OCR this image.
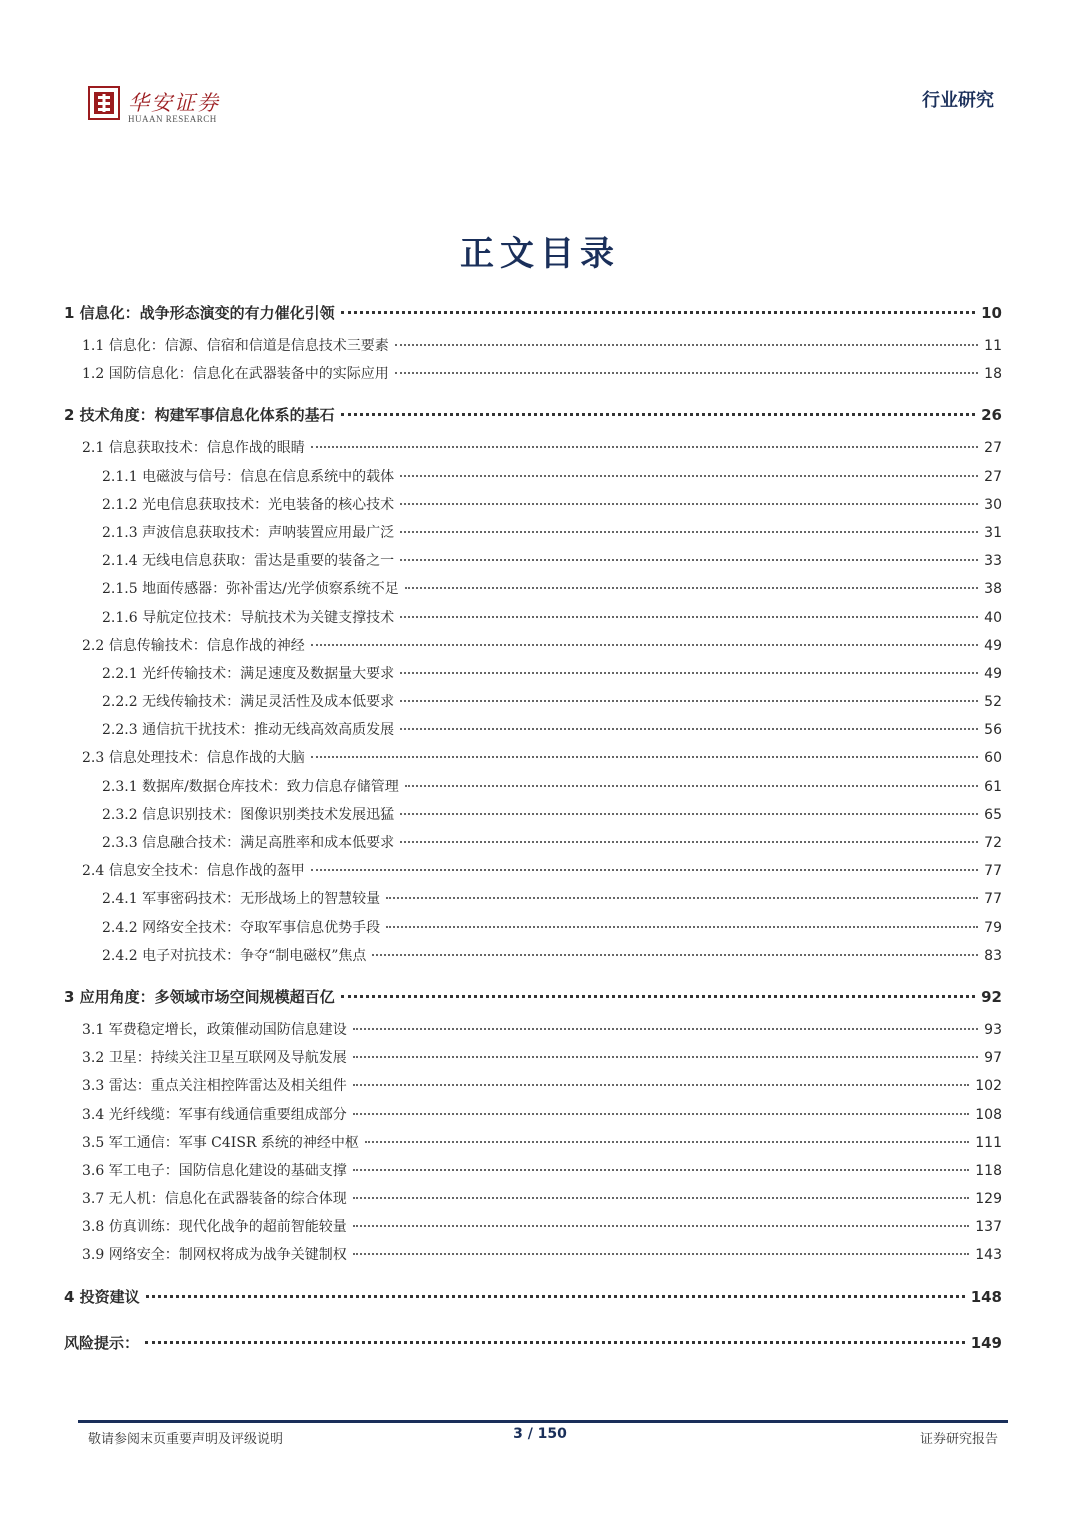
华安证券
HUAAN RESEARCH
行业研究
正文目录
1 信息化：战争形态演变的有力催化引领	10
1.1 信息化：信源、信宿和信道是信息技术三要素	11
1.2 国防信息化：信息化在武器装备中的实际应用	18
2 技术角度：构建军事信息化体系的基石	26
2.1 信息获取技术：信息作战的眼睛	27
2.1.1 电磁波与信号：信息在信息系统中的载体	27
2.1.2 光电信息获取技术：光电装备的核心技术	30
2.1.3 声波信息获取技术：声呐装置应用最广泛	31
2.1.4 无线电信息获取：雷达是重要的装备之一	33
2.1.5 地面传感器：弥补雷达/光学侦察系统不足	38
2.1.6 导航定位技术：导航技术为关键支撑技术	40
2.2 信息传输技术：信息作战的神经	49
2.2.1 光纤传输技术：满足速度及数据量大要求	49
2.2.2 无线传输技术：满足灵活性及成本低要求	52
2.2.3 通信抗干扰技术：推动无线高效高质发展	56
2.3 信息处理技术：信息作战的大脑	60
2.3.1 数据库/数据仓库技术：致力信息存储管理	61
2.3.2 信息识别技术：图像识别类技术发展迅猛	65
2.3.3 信息融合技术：满足高胜率和成本低要求	72
2.4 信息安全技术：信息作战的盔甲	77
2.4.1 军事密码技术：无形战场上的智慧较量	77
2.4.2 网络安全技术：夺取军事信息优势手段	79
2.4.2 电子对抗技术：争夺“制电磁权”焦点	83
3 应用角度：多领域市场空间规模超百亿	92
3.1 军费稳定增长，政策催动国防信息建设	93
3.2 卫星：持续关注卫星互联网及导航发展	97
3.3 雷达：重点关注相控阵雷达及相关组件	102
3.4 光纤线缆：军事有线通信重要组成部分	108
3.5 军工通信：军事 C4ISR 系统的神经中枢	111
3.6 军工电子：国防信息化建设的基础支撑	118
3.7 无人机：信息化在武器装备的综合体现	129
3.8 仿真训练：现代化战争的超前智能较量	137
3.9 网络安全：制网权将成为战争关键制权	143
4 投资建议	148
风险提示：	149
敬请参阅末页重要声明及评级说明	3 / 150	证券研究报告
